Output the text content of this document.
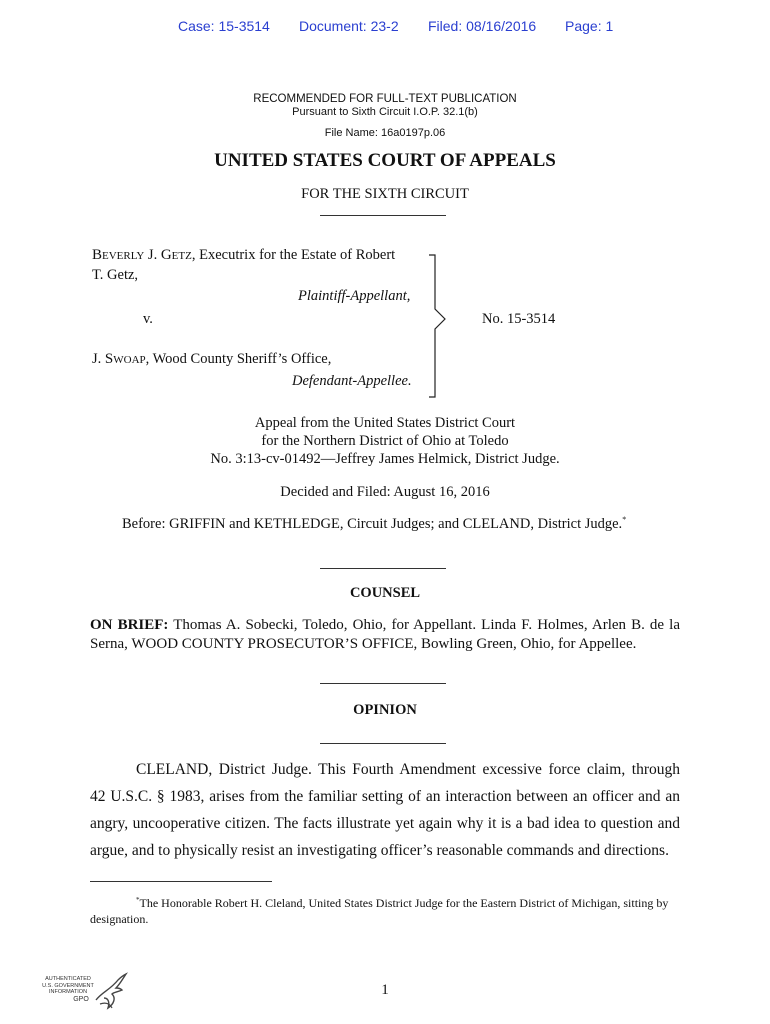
Case: 15-3514 Document: 23-2 Filed: 08/16/2016 Page: 1
RECOMMENDED FOR FULL-TEXT PUBLICATION
Pursuant to Sixth Circuit I.O.P. 32.1(b)
File Name: 16a0197p.06
UNITED STATES COURT OF APPEALS
FOR THE SIXTH CIRCUIT
BEVERLY J. GETZ, Executrix for the Estate of Robert
T. Getz,
Plaintiff-Appellant,
v.
J. SWOAP, Wood County Sheriff’s Office,
Defendant-Appellee.
No. 15-3514
Appeal from the United States District Court
for the Northern District of Ohio at Toledo
No. 3:13-cv-01492—Jeffrey James Helmick, District Judge.
Decided and Filed: August 16, 2016
Before: GRIFFIN and KETHLEDGE, Circuit Judges; and CLELAND, District Judge.*
COUNSEL
ON BRIEF: Thomas A. Sobecki, Toledo, Ohio, for Appellant. Linda F. Holmes, Arlen B. de la Serna, WOOD COUNTY PROSECUTOR’S OFFICE, Bowling Green, Ohio, for Appellee.
OPINION
CLELAND, District Judge. This Fourth Amendment excessive force claim, through
42 U.S.C. § 1983, arises from the familiar setting of an interaction between an officer and an
angry, uncooperative citizen. The facts illustrate yet again why it is a bad idea to question and
argue, and to physically resist an investigating officer’s reasonable commands and directions.
*The Honorable Robert H. Cleland, United States District Judge for the Eastern District of Michigan, sitting by designation.
1
AUTHENTICATED
U.S. GOVERNMENT
INFORMATION
GPO
